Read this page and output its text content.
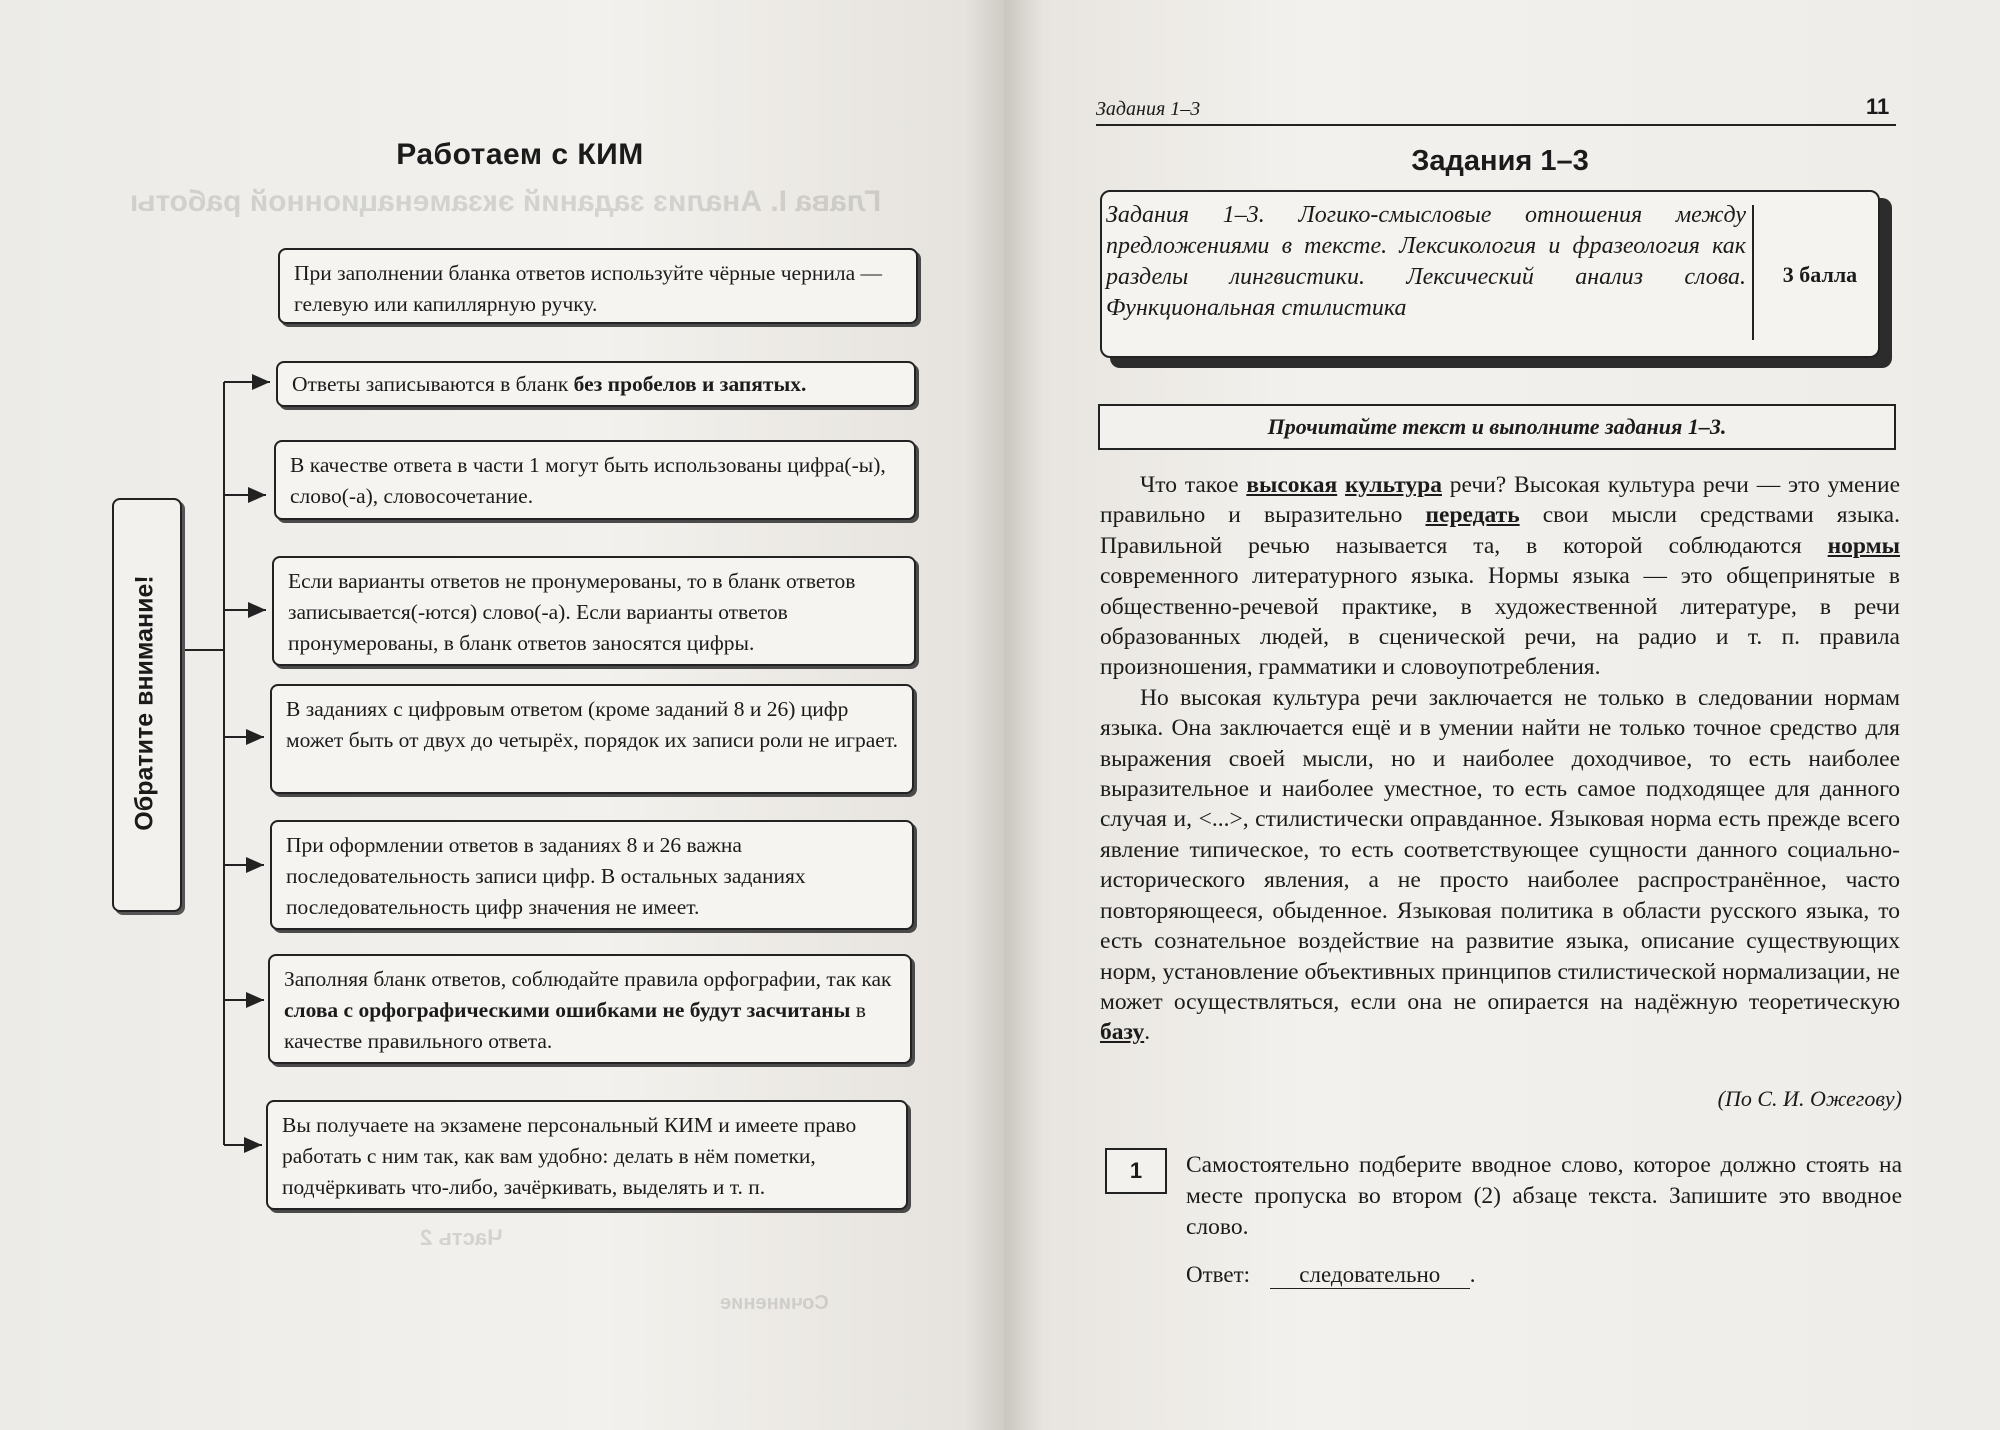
Глава I. Анализ заданий экзаменационной работы
Часть 2
Сочинение
Работаем с КИМ
Обратите внимание!
При заполнении бланка ответов используйте чёрные чернила — гелевую или капиллярную ручку.
Ответы записываются в бланк без пробелов и запятых.
В качестве ответа в части 1 могут быть использованы цифра(-ы), слово(-а), словосочетание.
Если варианты ответов не пронумерованы, то в бланк ответов записывается(-ются) слово(-а). Если варианты ответов пронумерованы, в бланк ответов заносятся цифры.
В заданиях с цифровым ответом (кроме заданий 8 и 26) цифр может быть от двух до четырёх, порядок их записи роли не играет.
При оформлении ответов в заданиях 8 и 26 важна последовательность записи цифр. В остальных заданиях последовательность цифр значения не имеет.
Заполняя бланк ответов, соблюдайте правила орфографии, так как слова с орфографическими ошибками не будут засчитаны в качестве правильного ответа.
Вы получаете на экзамене персональный КИМ и имеете право работать с ним так, как вам удобно: делать в нём пометки, подчёркивать что-либо, зачёркивать, выделять и т. п.
Задания 1–3	11
Задания 1–3
Задания 1–3. Логико-смысловые отношения между предложениями в тексте. Лексикология и фразеология как разделы лингвистики. Лексический анализ слова. Функциональная стилистика
3 балла
Прочитайте текст и выполните задания 1–3.

Что такое высокая культура речи? Высокая культура речи — это умение правильно и выразительно передать свои мысли средствами языка. Правильной речью называется та, в которой соблюдаются нормы современного литературного языка. Нормы языка — это общепринятые в общественно-речевой практике, в художественной литературе, в речи образованных людей, в сценической речи, на радио и т. п. правила произношения, грамматики и словоупотребления.

Но высокая культура речи заключается не только в следовании нормам языка. Она заключается ещё и в умении найти не только точное средство для выражения своей мысли, но и наиболее доходчивое, то есть наиболее выразительное и наиболее уместное, то есть самое подходящее для данного случая и, <...>, стилистически оправданное. Языковая норма есть прежде всего явление типическое, то есть соответствующее сущности данного социально-исторического явления, а не просто наиболее распространённое, часто повторяющееся, обыденное. Языковая политика в области русского языка, то есть сознательное воздействие на развитие языка, описание существующих норм, установление объективных принципов стилистической нормализации, не может осуществляться, если она не опирается на надёжную теоретическую базу.

(По С. И. Ожегову)
1	Самостоятельно подберите вводное слово, которое должно стоять на месте пропуска во втором (2) абзаце текста. Запишите это вводное слово.
Ответ: следовательно .
